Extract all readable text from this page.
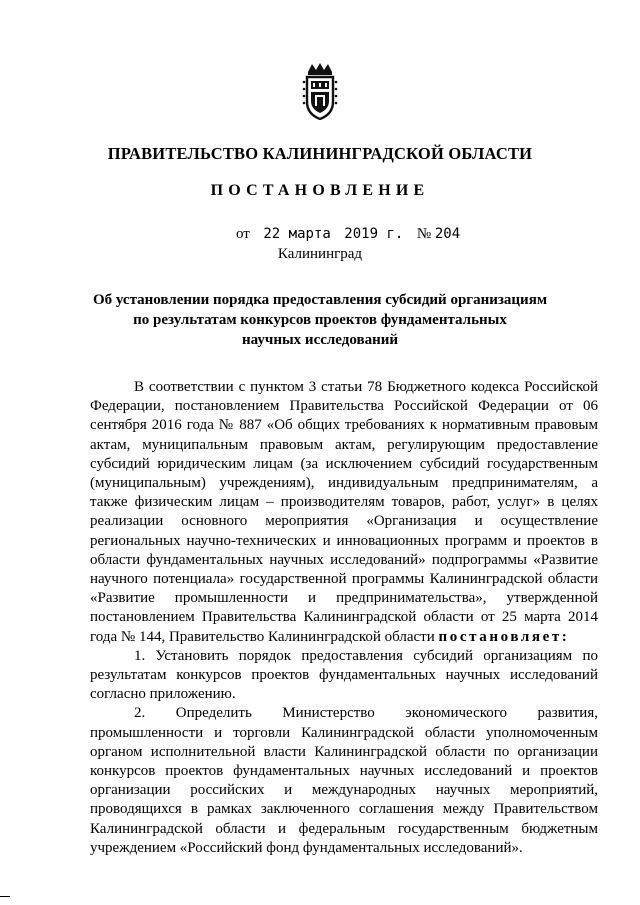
ПРАВИТЕЛЬСТВО КАЛИНИНГРАДСКОЙ ОБЛАСТИ
ПОСТАНОВЛЕНИЕ
от 22 марта 2019 г. № 204
Калининград
Об установлении порядка предоставления субсидий организациям
по результатам конкурсов проектов фундаментальных
научных исследований

В соответствии с пунктом 3 статьи 78 Бюджетного кодекса Российской Федерации, постановлением Правительства Российской Федерации от 06 сентября 2016 года № 887 «Об общих требованиях к нормативным правовым актам, муниципальным правовым актам, регулирующим предоставление субсидий юридическим лицам (за исключением субсидий государственным (муниципальным) учреждениям), индивидуальным предпринимателям, а также физическим лицам – производителям товаров, работ, услуг» в целях реализации основного мероприятия «Организация и осуществление региональных научно-технических и инновационных программ и проектов в области фундаментальных научных исследований» подпрограммы «Развитие научного потенциала» государственной программы Калининградской области «Развитие промышленности и предпринимательства», утвержденной постановлением Правительства Калининградской области от 25 марта 2014 года № 144, Правительство Калининградской области постановляет:

1. Установить порядок предоставления субсидий организациям по результатам конкурсов проектов фундаментальных научных исследований согласно приложению.

2. Определить Министерство экономического развития, промышленности и торговли Калининградской области уполномоченным органом исполнительной власти Калининградской области по организации конкурсов проектов фундаментальных научных исследований и проектов организации российских и международных научных мероприятий, проводящихся в рамках заключенного соглашения между Правительством Калининградской области и федеральным государственным бюджетным учреждением «Российский фонд фундаментальных исследований».
